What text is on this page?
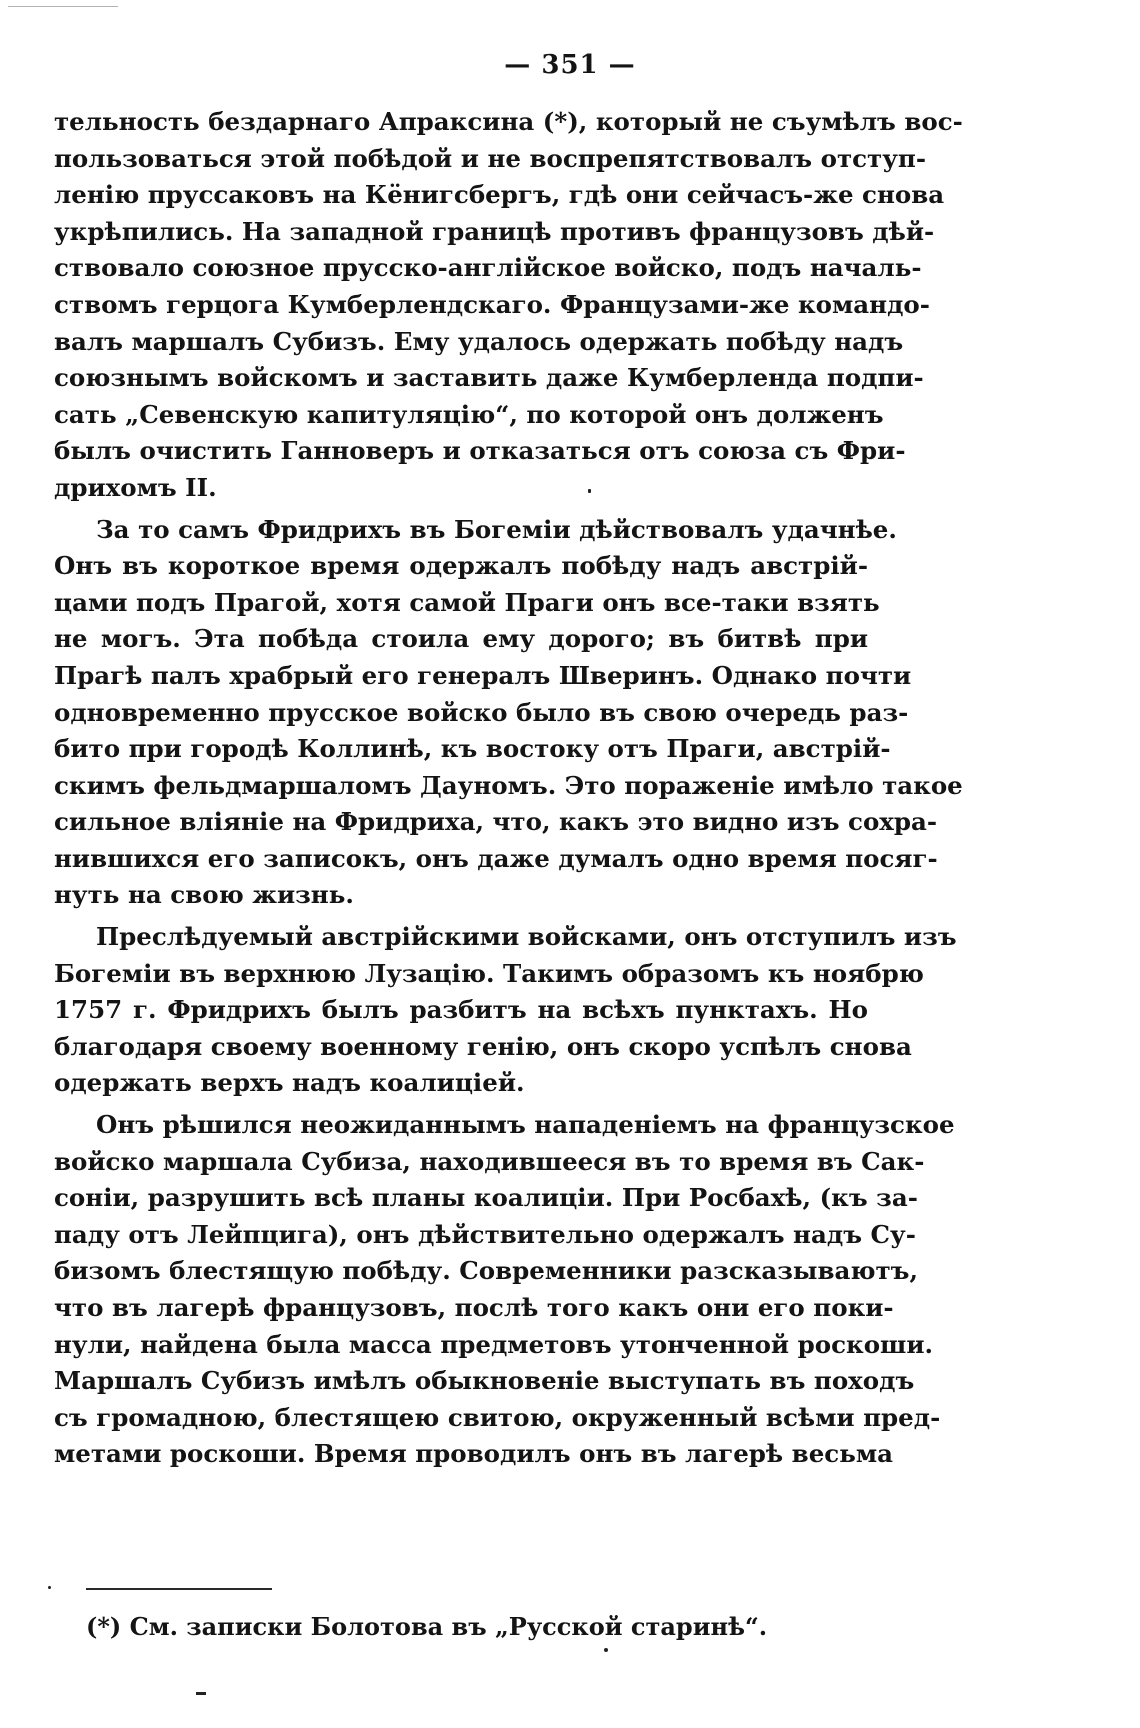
— 351 —
тельность бездарнаго Апраксина (*), который не съумѣлъ вос-
пользоваться этой побѣдой и не воспрепятствовалъ отступ-
ленію пруссаковъ на Кёнигсбергъ, гдѣ они сейчасъ-же снова
укрѣпились. На западной границѣ противъ французовъ дѣй-
ствовало союзное прусско-англійское войско, подъ началь-
ствомъ герцога Кумберлендскаго. Французами-же командо-
валъ маршалъ Субизъ. Ему удалось одержать побѣду надъ
союзнымъ войскомъ и заставить даже Кумберленда подпи-
сать „Севенскую капитуляцію“, по которой онъ долженъ
былъ очистить Ганноверъ и отказаться отъ союза съ Фри-
дрихомъ II.
За то самъ Фридрихъ въ Богеміи дѣйствовалъ удачнѣе.
Онъ въ короткое время одержалъ побѣду надъ австрій-
цами подъ Прагой, хотя самой Праги онъ все-таки взять
не могъ. Эта побѣда стоила ему дорого; въ битвѣ при
Прагѣ палъ храбрый его генералъ Шверинъ. Однако почти
одновременно прусское войско было въ свою очередь раз-
бито при городѣ Коллинѣ, къ востоку отъ Праги, австрій-
скимъ фельдмаршаломъ Дауномъ. Это пораженіе имѣло такое
сильное вліяніе на Фридриха, что, какъ это видно изъ сохра-
нившихся его записокъ, онъ даже думалъ одно время посяг-
нуть на свою жизнь.
Преслѣдуемый австрійскими войсками, онъ отступилъ изъ
Богеміи въ верхнюю Лузацію. Такимъ образомъ къ ноябрю
1757 г. Фридрихъ былъ разбитъ на всѣхъ пунктахъ. Но
благодаря своему военному генію, онъ скоро успѣлъ снова
одержать верхъ надъ коалиціей.
Онъ рѣшился неожиданнымъ нападеніемъ на французское
войско маршала Субиза, находившееся въ то время въ Сак-
соніи, разрушить всѣ планы коалиціи. При Росбахѣ, (къ за-
паду отъ Лейпцига), онъ дѣйствительно одержалъ надъ Су-
бизомъ блестящую побѣду. Современники разсказываютъ,
что въ лагерѣ французовъ, послѣ того какъ они его поки-
нули, найдена была масса предметовъ утонченной роскоши.
Маршалъ Субизъ имѣлъ обыкновеніе выступать въ походъ
съ громадною, блестящею свитою, окруженный всѣми пред-
метами роскоши. Время проводилъ онъ въ лагерѣ весьма
(*) См. записки Болотова въ „Русской старинѣ“.
